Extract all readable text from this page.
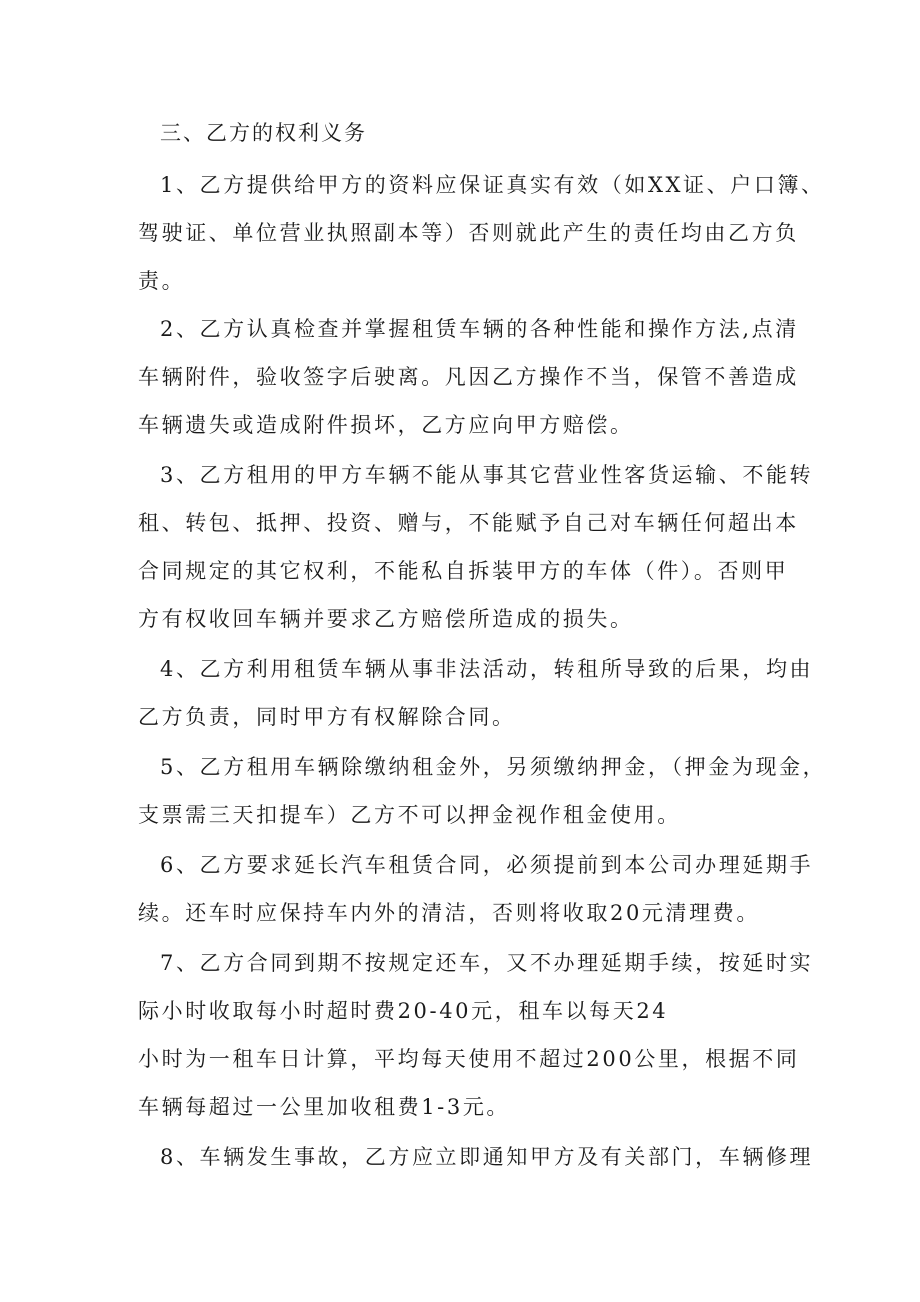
三、乙方的权利义务
1、乙方提供给甲方的资料应保证真实有效（如XX证、户口簿、
驾驶证、单位营业执照副本等）否则就此产生的责任均由乙方负
责。
2、乙方认真检查并掌握租赁车辆的各种性能和操作方法,点清
车辆附件，验收签字后驶离。凡因乙方操作不当，保管不善造成
车辆遗失或造成附件损坏，乙方应向甲方赔偿。
3、乙方租用的甲方车辆不能从事其它营业性客货运输、不能转
租、转包、抵押、投资、赠与，不能赋予自己对车辆任何超出本
合同规定的其它权利，不能私自拆装甲方的车体（件）。否则甲
方有权收回车辆并要求乙方赔偿所造成的损失。
4、乙方利用租赁车辆从事非法活动，转租所导致的后果，均由
乙方负责，同时甲方有权解除合同。
5、乙方租用车辆除缴纳租金外，另须缴纳押金，（押金为现金，
支票需三天扣提车）乙方不可以押金视作租金使用。
6、乙方要求延长汽车租赁合同，必须提前到本公司办理延期手
续。还车时应保持车内外的清洁，否则将收取20元清理费。
7、乙方合同到期不按规定还车，又不办理延期手续，按延时实
际小时收取每小时超时费20-40元，租车以每天24
小时为一租车日计算，平均每天使用不超过200公里，根据不同
车辆每超过一公里加收租费1-3元。
8、车辆发生事故，乙方应立即通知甲方及有关部门，车辆修理
